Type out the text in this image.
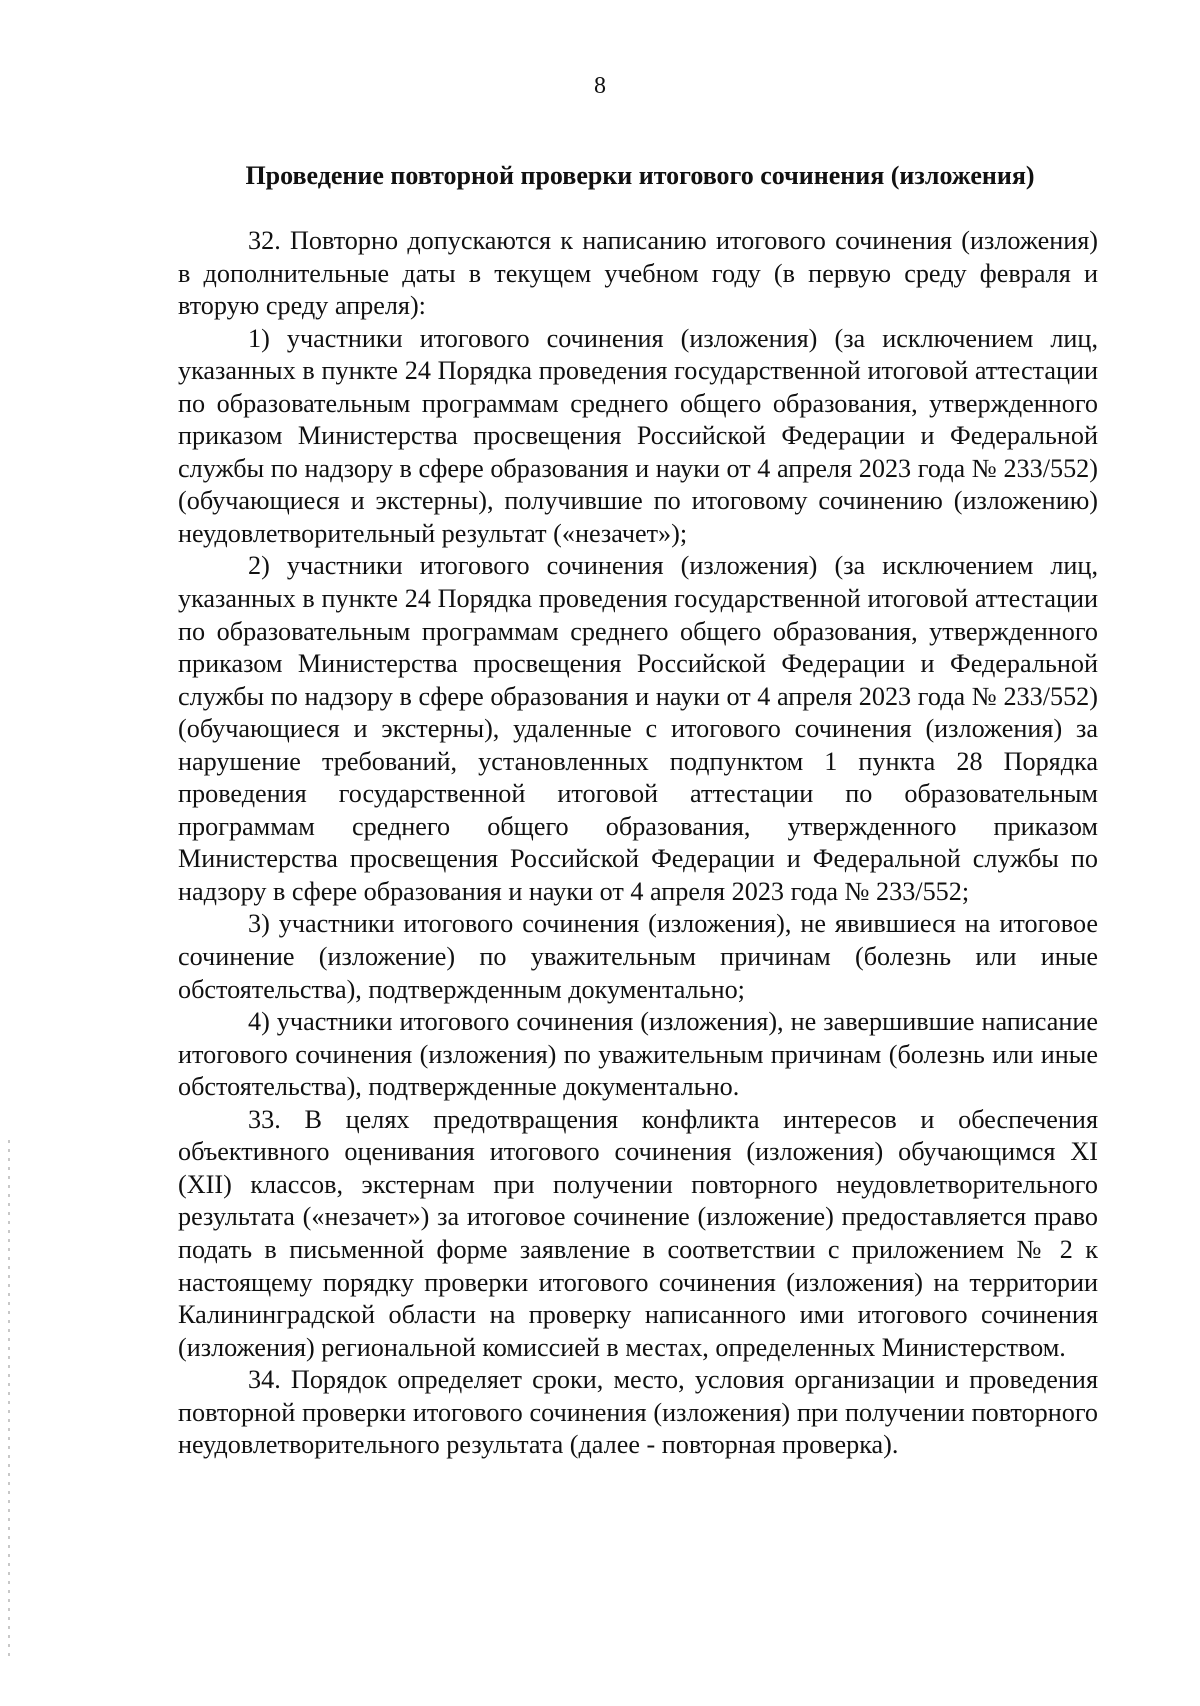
8
Проведение повторной проверки итогового сочинения (изложения)

32. Повторно допускаются к написанию итогового сочинения (изложения) в дополнительные даты в текущем учебном году (в первую среду февраля и вторую среду апреля):

1) участники итогового сочинения (изложения) (за исключением лиц, указанных в пункте 24 Порядка проведения государственной итоговой аттестации по образовательным программам среднего общего образования, утвержденного приказом Министерства просвещения Российской Федерации и Федеральной службы по надзору в сфере образования и науки от 4 апреля 2023 года № 233/552) (обучающиеся и экстерны), получившие по итоговому сочинению (изложению) неудовлетворительный результат («незачет»);

2) участники итогового сочинения (изложения) (за исключением лиц, указанных в пункте 24 Порядка проведения государственной итоговой аттестации по образовательным программам среднего общего образования, утвержденного приказом Министерства просвещения Российской Федерации и Федеральной службы по надзору в сфере образования и науки от 4 апреля 2023 года № 233/552) (обучающиеся и экстерны), удаленные с итогового сочинения (изложения) за нарушение требований, установленных подпунктом 1 пункта 28 Порядка проведения государственной итоговой аттестации по образовательным программам среднего общего образования, утвержденного приказом Министерства просвещения Российской Федерации и Федеральной службы по надзору в сфере образования и науки от 4 апреля 2023 года № 233/552;

3) участники итогового сочинения (изложения), не явившиеся на итоговое сочинение (изложение) по уважительным причинам (болезнь или иные обстоятельства), подтвержденным документально;

4) участники итогового сочинения (изложения), не завершившие написание итогового сочинения (изложения) по уважительным причинам (болезнь или иные обстоятельства), подтвержденные документально.

33. В целях предотвращения конфликта интересов и обеспечения объективного оценивания итогового сочинения (изложения) обучающимся XI (XII) классов, экстернам при получении повторного неудовлетворительного результата («незачет») за итоговое сочинение (изложение) предоставляется право подать в письменной форме заявление в соответствии с приложением № 2 к настоящему порядку проверки итогового сочинения (изложения) на территории Калининградской области на проверку написанного ими итогового сочинения (изложения) региональной комиссией в местах, определенных Министерством.

34. Порядок определяет сроки, место, условия организации и проведения повторной проверки итогового сочинения (изложения) при получении повторного неудовлетворительного результата (далее - повторная проверка).
